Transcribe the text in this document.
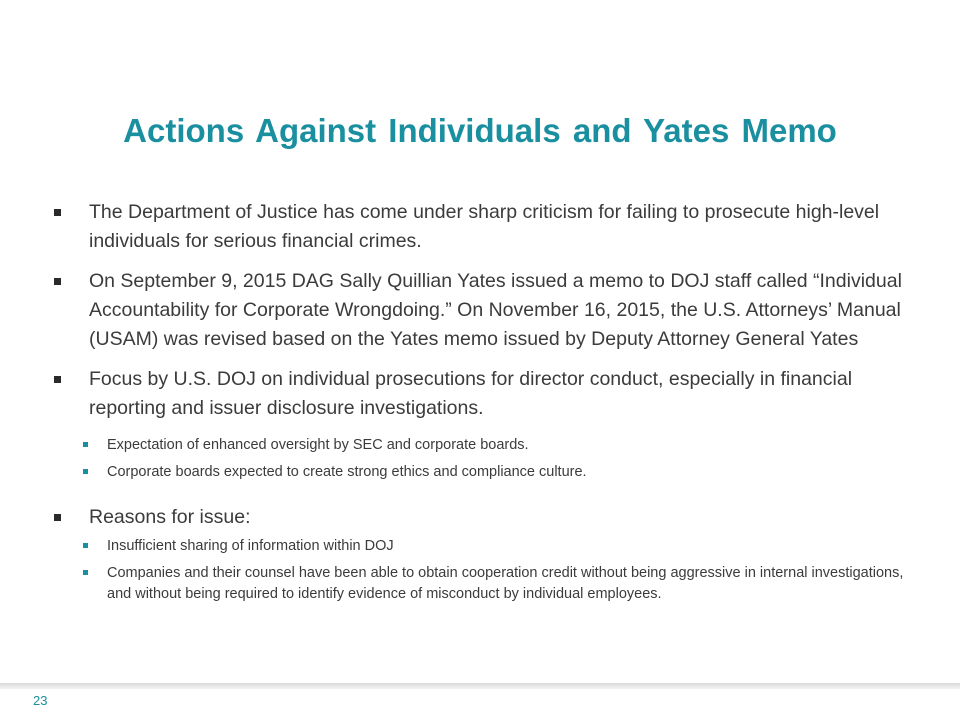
Actions Against Individuals and Yates Memo
The Department of Justice has come under sharp criticism for failing to prosecute high-level individuals for serious financial crimes.
On September 9, 2015 DAG Sally Quillian Yates issued a memo to DOJ staff called “Individual Accountability for Corporate Wrongdoing.” On November 16, 2015, the U.S. Attorneys’ Manual (USAM) was revised based on the Yates memo issued by Deputy Attorney General Yates
Focus by U.S. DOJ on individual prosecutions for director conduct, especially in financial reporting and issuer disclosure investigations.
Expectation of enhanced oversight by SEC and corporate boards.
Corporate boards expected to create strong ethics and compliance culture.
Reasons for issue:
Insufficient sharing of information within DOJ
Companies and their counsel have been able to obtain cooperation credit without being aggressive in internal investigations, and without being required to identify evidence of misconduct by individual employees.
23
